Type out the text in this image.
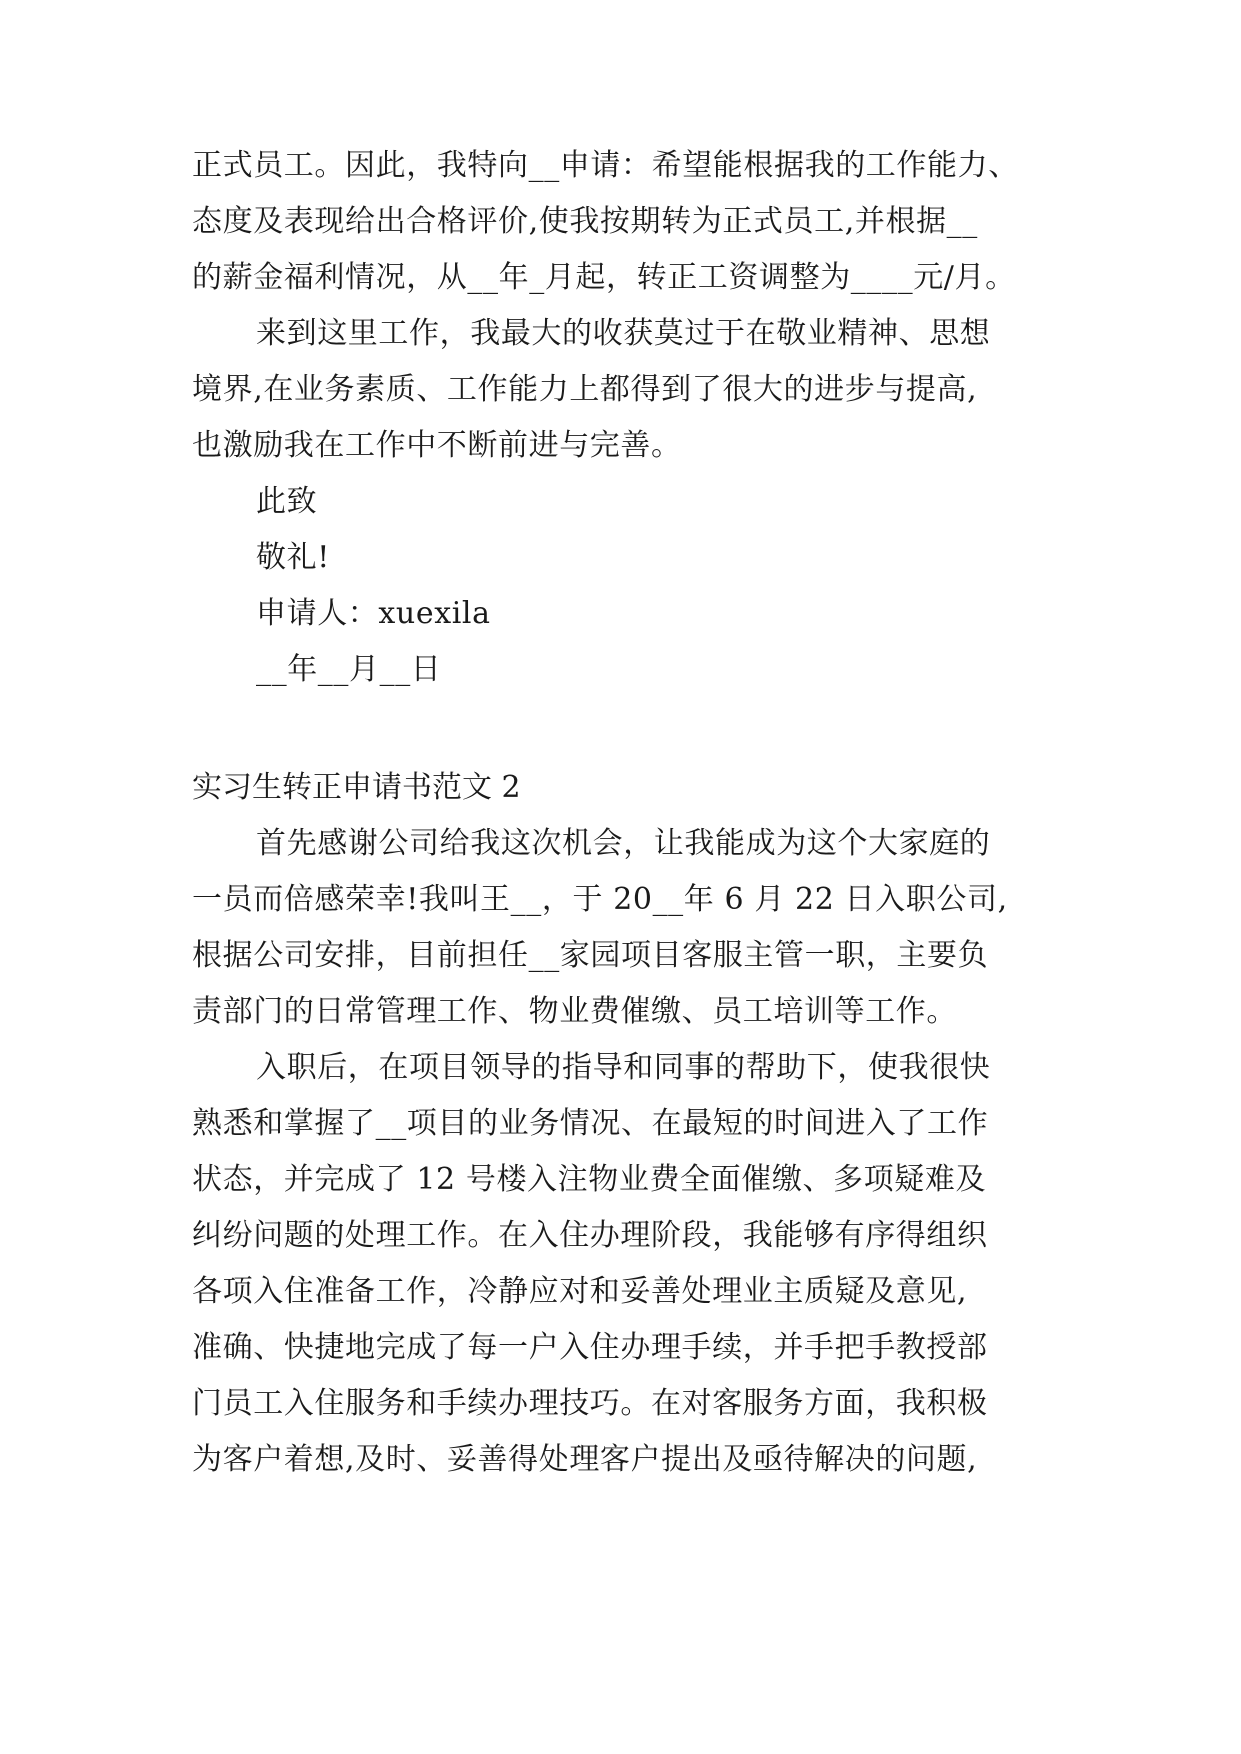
正式员工。因此，我特向__申请：希望能根据我的工作能力、
态度及表现给出合格评价,使我按期转为正式员工,并根据__
的薪金福利情况，从__年_月起，转正工资调整为____元/月。
来到这里工作，我最大的收获莫过于在敬业精神、思想
境界,在业务素质、工作能力上都得到了很大的进步与提高,
也激励我在工作中不断前进与完善。
此致
敬礼!
申请人：xuexila
__年__月__日
实习生转正申请书范文 2
首先感谢公司给我这次机会，让我能成为这个大家庭的
一员而倍感荣幸!我叫王__，于 20__年 6 月 22 日入职公司,
根据公司安排，目前担任__家园项目客服主管一职，主要负
责部门的日常管理工作、物业费催缴、员工培训等工作。
入职后，在项目领导的指导和同事的帮助下，使我很快
熟悉和掌握了__项目的业务情况、在最短的时间进入了工作
状态，并完成了 12 号楼入注物业费全面催缴、多项疑难及
纠纷问题的处理工作。在入住办理阶段，我能够有序得组织
各项入住准备工作，冷静应对和妥善处理业主质疑及意见,
准确、快捷地完成了每一户入住办理手续，并手把手教授部
门员工入住服务和手续办理技巧。在对客服务方面，我积极
为客户着想,及时、妥善得处理客户提出及亟待解决的问题,
